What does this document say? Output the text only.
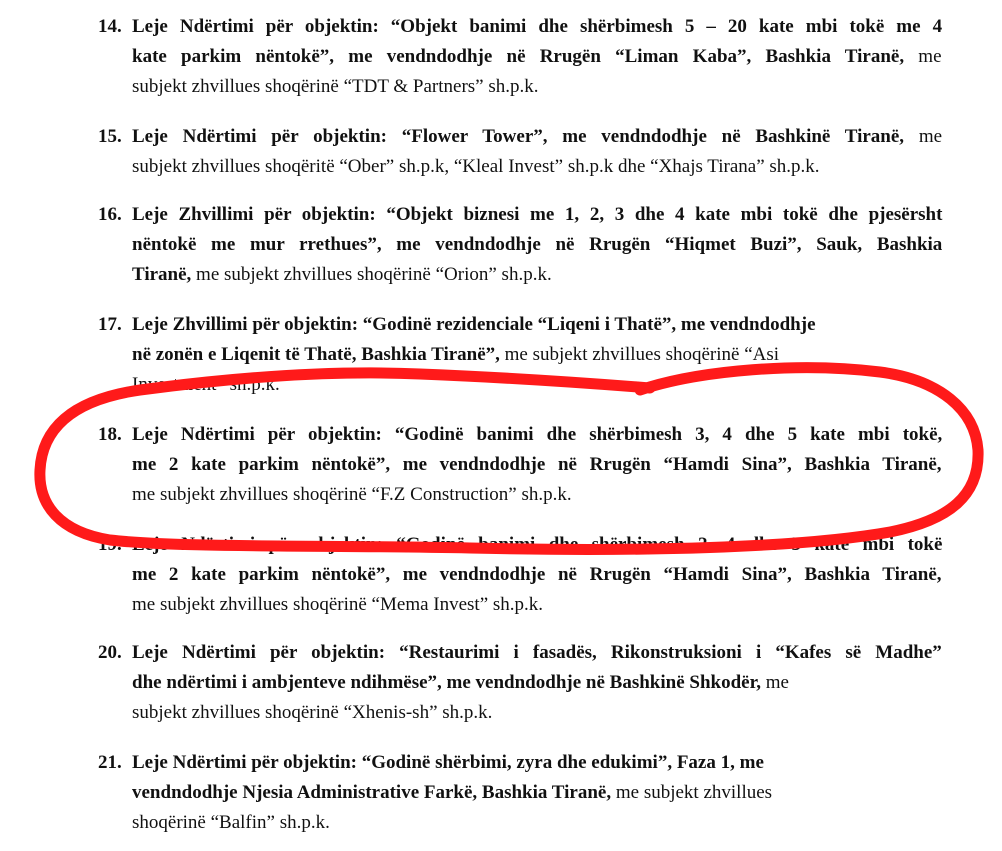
14. Leje Ndërtimi për objektin: “Objekt banimi dhe shërbimesh 5 – 20 kate mbi tokë me 4
kate parkim nëntokë”, me vendndodhje në Rrugën “Liman Kaba”, Bashkia Tiranë, me
subjekt zhvillues shoqërinë “TDT & Partners” sh.p.k.
15. Leje Ndërtimi për objektin: “Flower Tower”, me vendndodhje në Bashkinë Tiranë, me
subjekt zhvillues shoqëritë “Ober” sh.p.k, “Kleal Invest” sh.p.k dhe “Xhajs Tirana” sh.p.k.
16. Leje Zhvillimi për objektin: “Objekt biznesi me 1, 2, 3 dhe 4 kate mbi tokë dhe pjesërsht
nëntokë me mur rrethues”, me vendndodhje në Rrugën “Hiqmet Buzi”, Sauk, Bashkia
Tiranë, me subjekt zhvillues shoqërinë “Orion” sh.p.k.
17. Leje Zhvillimi për objektin: “Godinë rezidenciale “Liqeni i Thatë”, me vendndodhje
në zonën e Liqenit të Thatë, Bashkia Tiranë”, me subjekt zhvillues shoqërinë “Asi
Investment” sh.p.k.
18. Leje Ndërtimi për objektin: “Godinë banimi dhe shërbimesh 3, 4 dhe 5 kate mbi tokë,
me 2 kate parkim nëntokë”, me vendndodhje në Rrugën “Hamdi Sina”, Bashkia Tiranë,
me subjekt zhvillues shoqërinë “F.Z Construction” sh.p.k.
19. Leje Ndërtimi për objektin: “Godinë banimi dhe shërbimesh 2, 4 dhe 5 kate mbi tokë
me 2 kate parkim nëntokë”, me vendndodhje në Rrugën “Hamdi Sina”, Bashkia Tiranë,
me subjekt zhvillues shoqërinë “Mema Invest” sh.p.k.
20. Leje Ndërtimi për objektin: “Restaurimi i fasadës, Rikonstruksioni i “Kafes së Madhe”
dhe ndërtimi i ambjenteve ndihmëse”, me vendndodhje në Bashkinë Shkodër, me
subjekt zhvillues shoqërinë “Xhenis-sh” sh.p.k.
21. Leje Ndërtimi për objektin: “Godinë shërbimi, zyra dhe edukimi”, Faza 1, me
vendndodhje Njesia Administrative Farkë, Bashkia Tiranë, me subjekt zhvillues
shoqërinë “Balfin” sh.p.k.
